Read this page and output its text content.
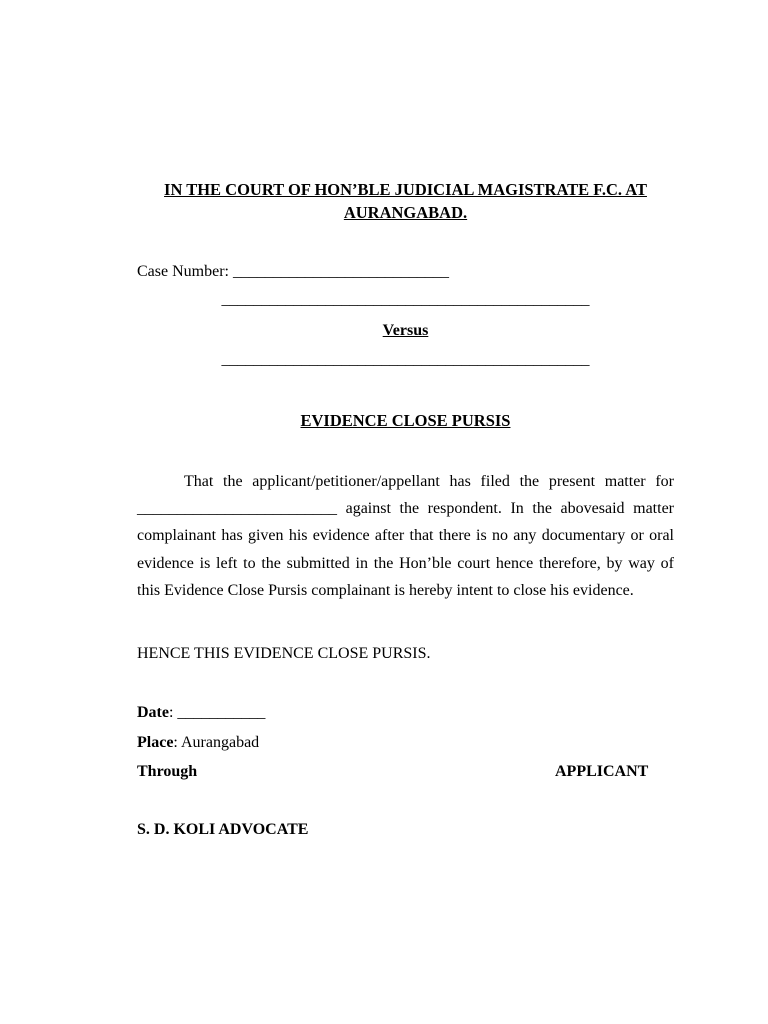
IN THE COURT OF HON’BLE JUDICIAL MAGISTRATE F.C. AT AURANGABAD.

Case Number: ___________________________

______________________________________________

Versus

______________________________________________

EVIDENCE CLOSE PURSIS

That the applicant/petitioner/appellant has filed the present matter for _________________________ against the respondent. In the abovesaid matter complainant has given his evidence after that there is no any documentary or oral evidence is left to the submitted in the Hon’ble court hence therefore, by way of this Evidence Close Pursis complainant is hereby intent to close his evidence.

HENCE THIS EVIDENCE CLOSE PURSIS.

Date: ___________

Place: Aurangabad

Through	APPLICANT

S. D. KOLI ADVOCATE
